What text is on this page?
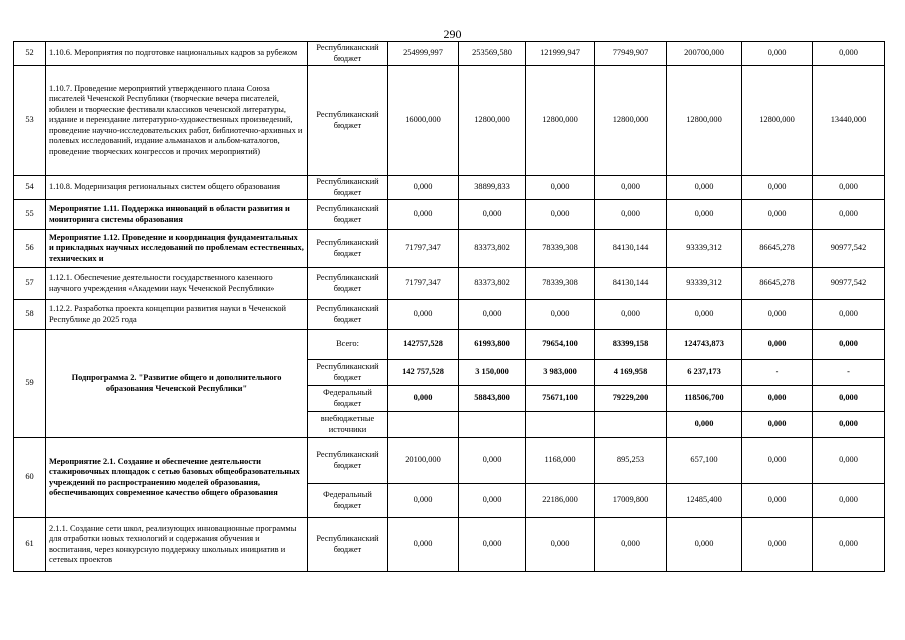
290
52	1.10.6. Мероприятия по подготовке национальных кадров за рубежом	Республиканский бюджет	254999,997	253569,580	121999,947	77949,907	200700,000	0,000	0,000
53	1.10.7. Проведение мероприятий утвержденного плана Союза писателей Чеченской Республики (творческие вечера писателей, юбилеи и творческие фестивали классиков чеченской литературы, издание и переиздание литературно-художественных произведений, проведение научно-исследовательских работ, библиотечно-архивных и полевых исследований, издание альманахов и альбом-каталогов, проведение творческих конгрессов и прочих мероприятий)	Республиканский бюджет	16000,000	12800,000	12800,000	12800,000	12800,000	12800,000	13440,000
54	1.10.8. Модернизация региональных систем общего образования	Республиканский бюджет	0,000	38899,833	0,000	0,000	0,000	0,000	0,000
55	Мероприятие 1.11. Поддержка инноваций в области развития и мониторинга системы образования	Республиканский бюджет	0,000	0,000	0,000	0,000	0,000	0,000	0,000
56	Мероприятие 1.12. Проведение и координация фундаментальных и прикладных научных исследований по проблемам естественных, технических и	Республиканский бюджет	71797,347	83373,802	78339,308	84130,144	93339,312	86645,278	90977,542
57	1.12.1. Обеспечение деятельности государственного казенного научного учреждения «Академии наук Чеченской Республики»	Республиканский бюджет	71797,347	83373,802	78339,308	84130,144	93339,312	86645,278	90977,542
58	1.12.2. Разработка проекта концепции развития науки в Чеченской Республике до 2025 года	Республиканский бюджет	0,000	0,000	0,000	0,000	0,000	0,000	0,000
59	Подпрограмма 2. "Развитие общего и дополнительного образования Чеченской Республики"	Всего:	142757,528	61993,800	79654,100	83399,158	124743,873	0,000	0,000
		Республиканский бюджет	142 757,528	3 150,000	3 983,000	4 169,958	6 237,173	-	-
		Федеральный бюджет	0,000	58843,800	75671,100	79229,200	118506,700	0,000	0,000
		внебюджетные источники					0,000	0,000	0,000
60	Мероприятие 2.1. Создание и обеспечение деятельности стажировочных площадок с сетью базовых общеобразовательных учреждений по распространению моделей образования, обеспечивающих современное качество общего образования	Республиканский бюджет	20100,000	0,000	1168,000	895,253	657,100	0,000	0,000
		Федеральный бюджет	0,000	0,000	22186,000	17009,800	12485,400	0,000	0,000
61	2.1.1. Создание сети школ, реализующих инновационные программы для отработки новых технологий и содержания обучения и воспитания, через конкурсную поддержку школьных инициатив и сетевых проектов	Республиканский бюджет	0,000	0,000	0,000	0,000	0,000	0,000	0,000
